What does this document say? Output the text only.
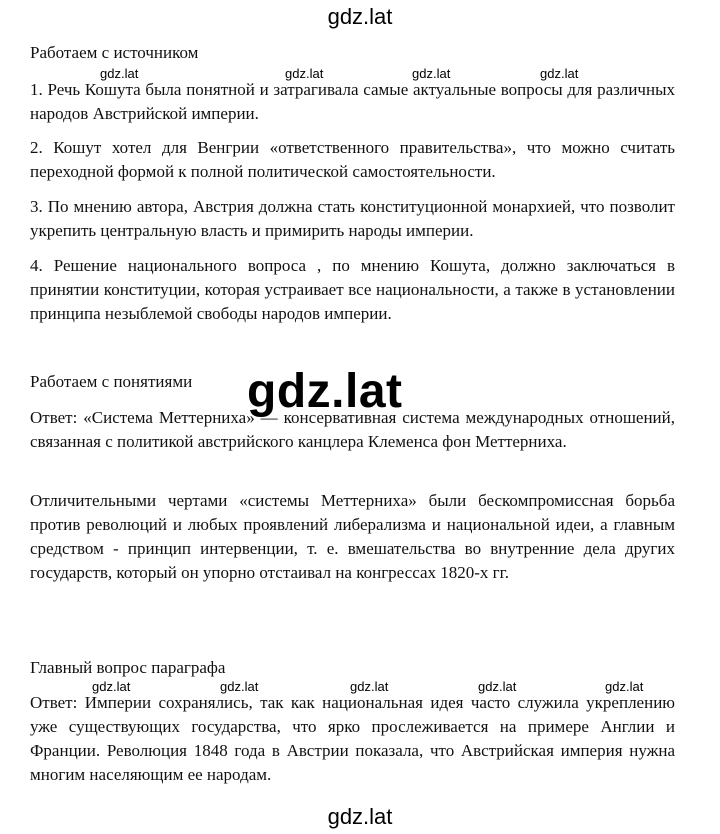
gdz.lat
gdz.lat	gdz.lat	gdz.lat	gdz.lat
Работаем с источником
1. Речь Кошута была понятной и затрагивала самые актуальные вопросы для различных народов Австрийской империи.
2. Кошут хотел для Венгрии «ответственного правительства», что можно считать переходной формой к полной политической самостоятельности.
3. По мнению автора, Австрия должна стать конституционной монархией, что позволит укрепить центральную власть и примирить народы империи.
4. Решение национального вопроса , по мнению Кошута, должно заключаться в принятии конституции, которая устраивает все национальности, а также в установлении принципа незыблемой свободы народов империи.
gdz.lat
Работаем с понятиями
Ответ: «Система Меттерниха» — консервативная система международных отношений, связанная с политикой австрийского канцлера Клеменса фон Меттерниха.
Отличительными чертами «системы Меттерниха» были бескомпромиссная борьба против революций и любых проявлений либерализма и национальной идеи, а главным средством - принцип интервенции, т. е. вмешательства во внутренние дела других государств, который он упорно отстаивал на конгрессах 1820-х гг.
Главный вопрос параграфа
gdz.lat	gdz.lat	gdz.lat	gdz.lat	gdz.lat
Ответ: Империи сохранялись, так как национальная идея часто служила укреплению уже существующих государства, что ярко прослеживается на примере Англии и Франции. Революция 1848 года в Австрии показала, что Австрийская империя нужна многим населяющим ее народам.
gdz.lat
